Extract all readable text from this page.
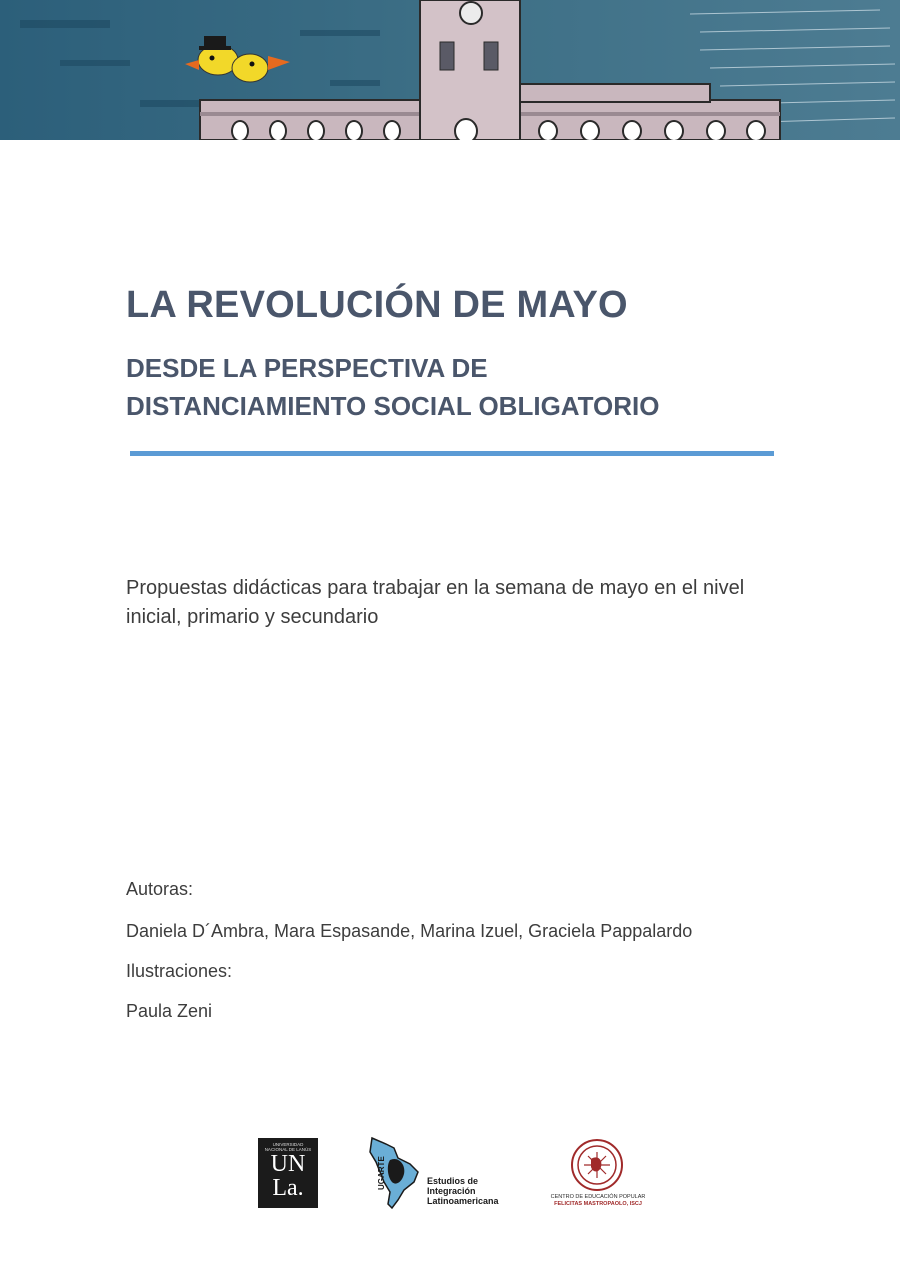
LA REVOLUCIÓN DE MAYO
DESDE LA PERSPECTIVA DE
DISTANCIAMIENTO SOCIAL OBLIGATORIO

Propuestas didácticas para trabajar en la semana de mayo en el nivel inicial, primario y secundario

Autoras:
Daniela D´Ambra, Mara Espasande, Marina Izuel, Graciela Pappalardo
Ilustraciones:
Paula Zeni
UNIVERSIDAD NACIONAL DE LANÚS
UN
La.	UGARTE	Estudios de
Integración
Latinoamericana	CENTRO DE EDUCACIÓN POPULAR
FELICITAS MASTROPAOLO, ISCJ
